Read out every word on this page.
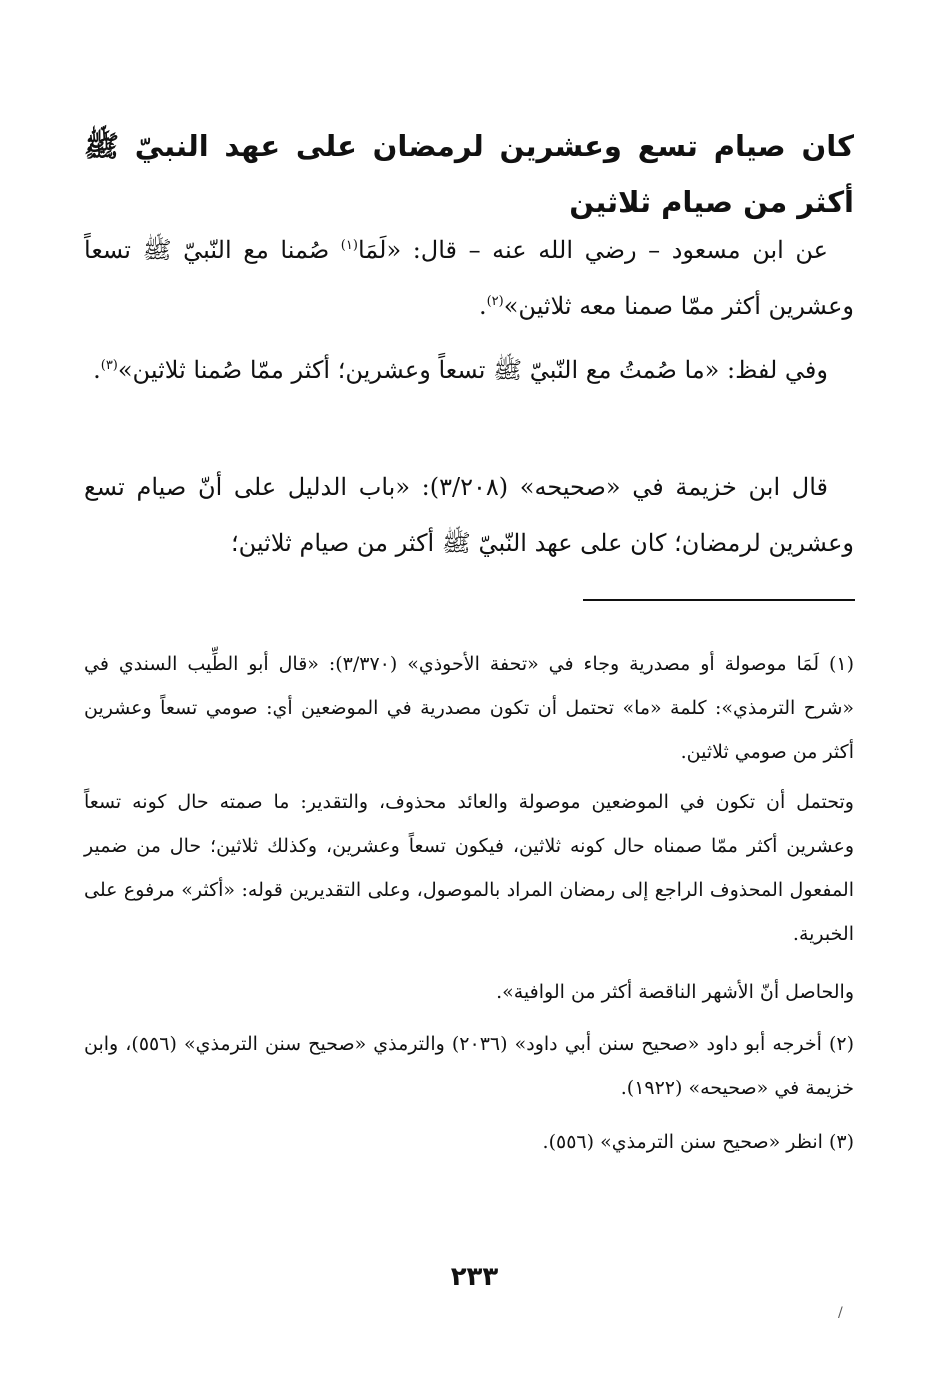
كان صيام تسع وعشرين لرمضان على عهد النبيّ ﷺ أكثر من صيام ثلاثين
عن ابن مسعود – رضي الله عنه – قال: «لَمَا$^{(١)}$ صُمنا مع النّبيّ ﷺ تسعاً وعشرين أكثر ممّا صمنا معه ثلاثين»$^{(٢)}$.
وفي لفظ: «ما صُمتُ مع النّبيّ ﷺ تسعاً وعشرين؛ أكثر ممّا صُمنا ثلاثين»$^{(٣)}$.
قال ابن خزيمة في «صحيحه» (٣/٢٠٨): «باب الدليل على أنّ صيام تسع وعشرين لرمضان؛ كان على عهد النّبيّ ﷺ أكثر من صيام ثلاثين؛
(١) لَمَا موصولة أو مصدرية وجاء في «تحفة الأحوذي» (٣/٣٧٠): «قال أبو الطِّيب السندي في «شرح الترمذي»: كلمة «ما» تحتمل أن تكون مصدرية في الموضعين أي: صومي تسعاً وعشرين أكثر من صومي ثلاثين.
وتحتمل أن تكون في الموضعين موصولة والعائد محذوف، والتقدير: ما صمته حال كونه تسعاً وعشرين أكثر ممّا صمناه حال كونه ثلاثين، فيكون تسعاً وعشرين، وكذلك ثلاثين؛ حال من ضمير المفعول المحذوف الراجع إلى رمضان المراد بالموصول، وعلى التقديرين قوله: «أكثر» مرفوع على الخبرية.
والحاصل أنّ الأشهر الناقصة أكثر من الوافية».
(٢) أخرجه أبو داود «صحيح سنن أبي داود» (٢٠٣٦) والترمذي «صحيح سنن الترمذي» (٥٥٦)، وابن خزيمة في «صحيحه» (١٩٢٢).
(٣) انظر «صحيح سنن الترمذي» (٥٥٦).
٢٣٣
/
